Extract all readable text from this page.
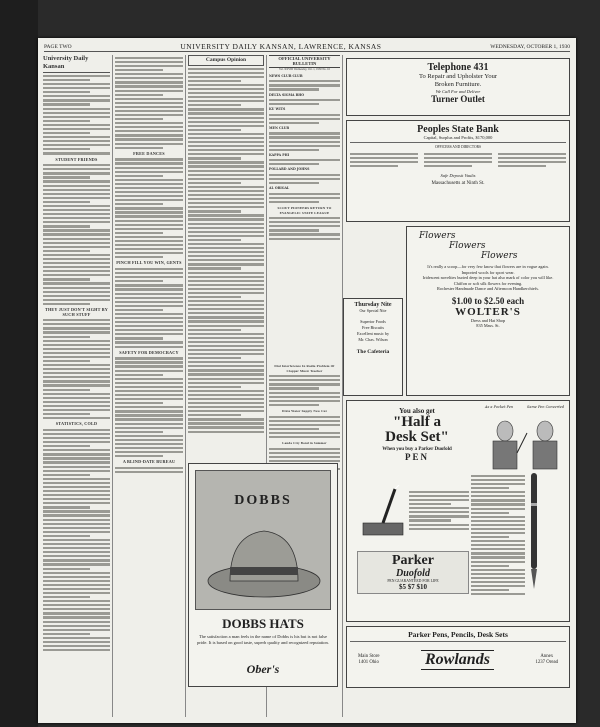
PAGE TWO	UNIVERSITY DAILY KANSAN, LAWRENCE, KANSAS	WEDNESDAY, OCTOBER 1, 1930
University Daily Kansan
STUDENT FRIENDS
THEY JUST DON'T SIGHT BY SUCH STUFF
STATISTICS, COLD
FREE DANCES
PINCH FILL YOU WIN, GENTS
SAFETY FOR DEMOCRACY
A BLIND-DATE BUREAU
Campus Opinion	OFFICIAL UNIVERSITY BULLETIN
Vol. XXVIII Wednesday, Oct. 1, 1930 No. 16
NEWS CLUB CLUB
DELTA SIGMA RHO
KU WITS
MEN CLUB
KAPPA PHI
POLLARD AND JOHNS
AL ORIGAL
SCOUT PIONEERS RETURN TO EVANGELIC STATE LEAGUE
Dial Interference In Radio Problem Of Clapper Music Teacher
Dixie Water Supply Now Cut
Landa City Bond in Summer
Thursday Nite
Our Special Nite
Superior Foods
Free Biscuits
Excellent music by
Mr. Chas. Wilson
The Cafeteria
Telephone 431
To Repair and Upholster Your
Broken Furniture.
We Call For and Deliver
Turner Outlet
Peoples State Bank
Capital, Surplus and Profits, $170,000
OFFICERS AND DIRECTORS
Safe Deposit Vaults
Massachusetts at Ninth St.
Flowers
Flowers
Flowers
It's really a scoop—for very few know that flowers are in vogue again.
Imported wools for sport wear.
Iridescent novelties buried deep in your hat also mark of color you will like.
Chiffon or soft silk flowers for evening.
Rochester Handmade Dance and Afternoon Handkerchiefs.
$1.00 to $2.50 each
WOLTER'S
Dress and Hat Shop
835 Mass. St.
You also get
"Half a
Desk Set"
When you buy a Parker Duofold
PEN
As a Pocket Pen	Same Pen Converted
Parker
Duofold
PEN GUARANTEED FOR LIFE
$5 $7 $10
DOBBS
DOBBS HATS
The satisfaction a man feels in the name of Dobbs is his but is not false pride. It is based on good taste, superb quality and recognized reputation.
Ober's
Parker Pens, Pencils, Desk Sets
Main Store
1401 Ohio	Rowlands	Annex
1237 Oread
